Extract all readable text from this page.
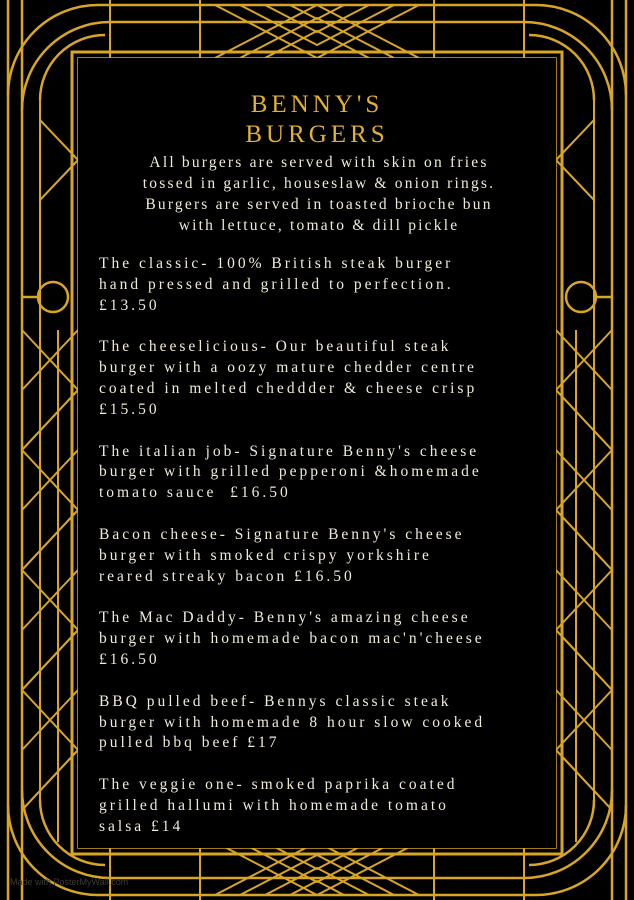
BENNY'S
BURGERS
All burgers are served with skin on fries
tossed in garlic, houseslaw & onion rings.
Burgers are served in toasted brioche bun
with lettuce, tomato & dill pickle
The classic- 100% British steak burger
hand pressed and grilled to perfection.
£13.50
The cheeselicious- Our beautiful steak
burger with a oozy mature chedder centre
coated in melted cheddder & cheese crisp
£15.50
The italian job- Signature Benny's cheese
burger with grilled pepperoni &homemade
tomato sauce  £16.50
Bacon cheese- Signature Benny's cheese
burger with smoked crispy yorkshire
reared streaky bacon £16.50
The Mac Daddy- Benny's amazing cheese
burger with homemade bacon mac'n'cheese
£16.50
BBQ pulled beef- Bennys classic steak
burger with homemade 8 hour slow cooked
pulled bbq beef £17
The veggie one- smoked paprika coated
grilled hallumi with homemade tomato
salsa £14
Made with PosterMyWall.com
